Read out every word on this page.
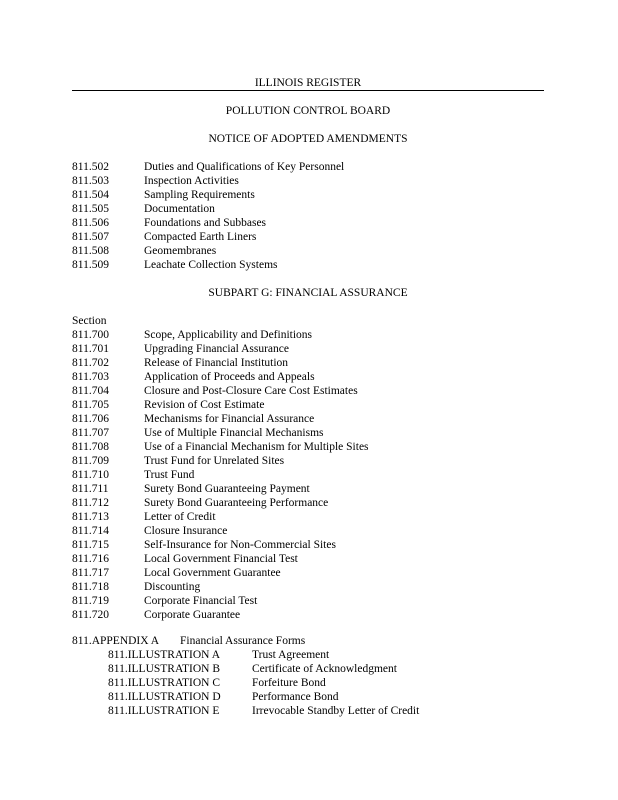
ILLINOIS REGISTER
POLLUTION CONTROL BOARD
NOTICE OF ADOPTED AMENDMENTS
811.502	Duties and Qualifications of Key Personnel
811.503	Inspection Activities
811.504	Sampling Requirements
811.505	Documentation
811.506	Foundations and Subbases
811.507	Compacted Earth Liners
811.508	Geomembranes
811.509	Leachate Collection Systems
SUBPART G: FINANCIAL ASSURANCE
Section
811.700	Scope, Applicability and Definitions
811.701	Upgrading Financial Assurance
811.702	Release of Financial Institution
811.703	Application of Proceeds and Appeals
811.704	Closure and Post-Closure Care Cost Estimates
811.705	Revision of Cost Estimate
811.706	Mechanisms for Financial Assurance
811.707	Use of Multiple Financial Mechanisms
811.708	Use of a Financial Mechanism for Multiple Sites
811.709	Trust Fund for Unrelated Sites
811.710	Trust Fund
811.711	Surety Bond Guaranteeing Payment
811.712	Surety Bond Guaranteeing Performance
811.713	Letter of Credit
811.714	Closure Insurance
811.715	Self-Insurance for Non-Commercial Sites
811.716	Local Government Financial Test
811.717	Local Government Guarantee
811.718	Discounting
811.719	Corporate Financial Test
811.720	Corporate Guarantee
811.APPENDIX A Financial Assurance Forms
811.ILLUSTRATION A	Trust Agreement
811.ILLUSTRATION B	Certificate of Acknowledgment
811.ILLUSTRATION C	Forfeiture Bond
811.ILLUSTRATION D	Performance Bond
811.ILLUSTRATION E	Irrevocable Standby Letter of Credit
